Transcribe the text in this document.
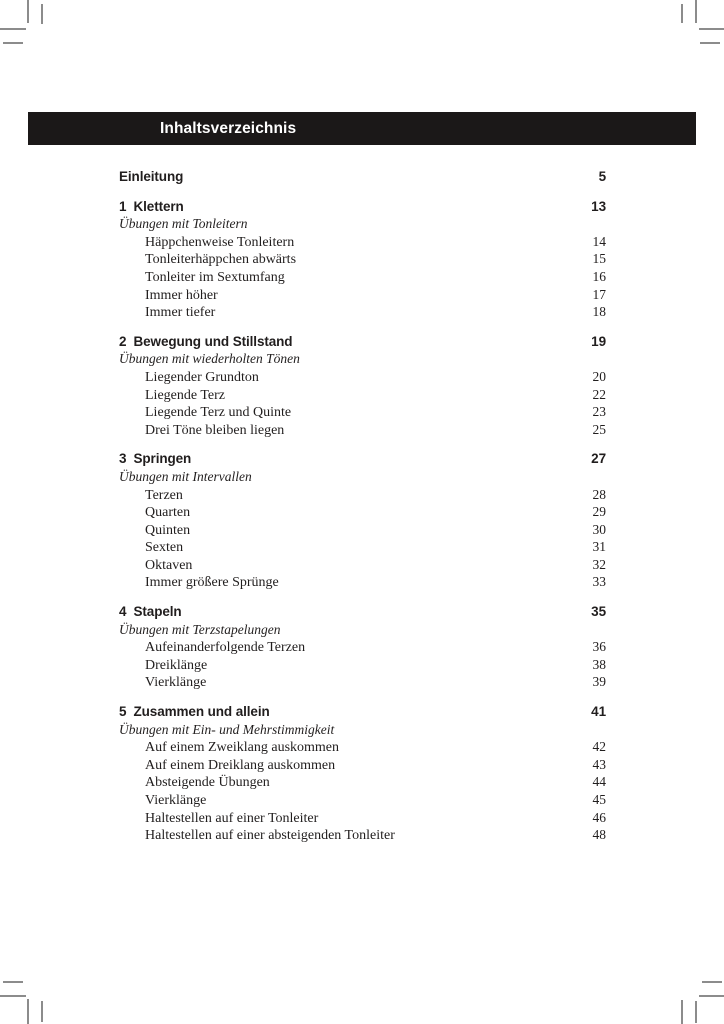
Inhaltsverzeichnis
Einleitung	5
1 Klettern	13
Übungen mit Tonleitern
Häppchenweise Tonleitern	14
Tonleiterhäppchen abwärts	15
Tonleiter im Sextumfang	16
Immer höher	17
Immer tiefer	18
2 Bewegung und Stillstand	19
Übungen mit wiederholten Tönen
Liegender Grundton	20
Liegende Terz	22
Liegende Terz und Quinte	23
Drei Töne bleiben liegen	25
3 Springen	27
Übungen mit Intervallen
Terzen	28
Quarten	29
Quinten	30
Sexten	31
Oktaven	32
Immer größere Sprünge	33
4 Stapeln	35
Übungen mit Terzstapelungen
Aufeinanderfolgende Terzen	36
Dreiklänge	38
Vierklänge	39
5 Zusammen und allein	41
Übungen mit Ein- und Mehrstimmigkeit
Auf einem Zweiklang auskommen	42
Auf einem Dreiklang auskommen	43
Absteigende Übungen	44
Vierklänge	45
Haltestellen auf einer Tonleiter	46
Haltestellen auf einer absteigenden Tonleiter	48
